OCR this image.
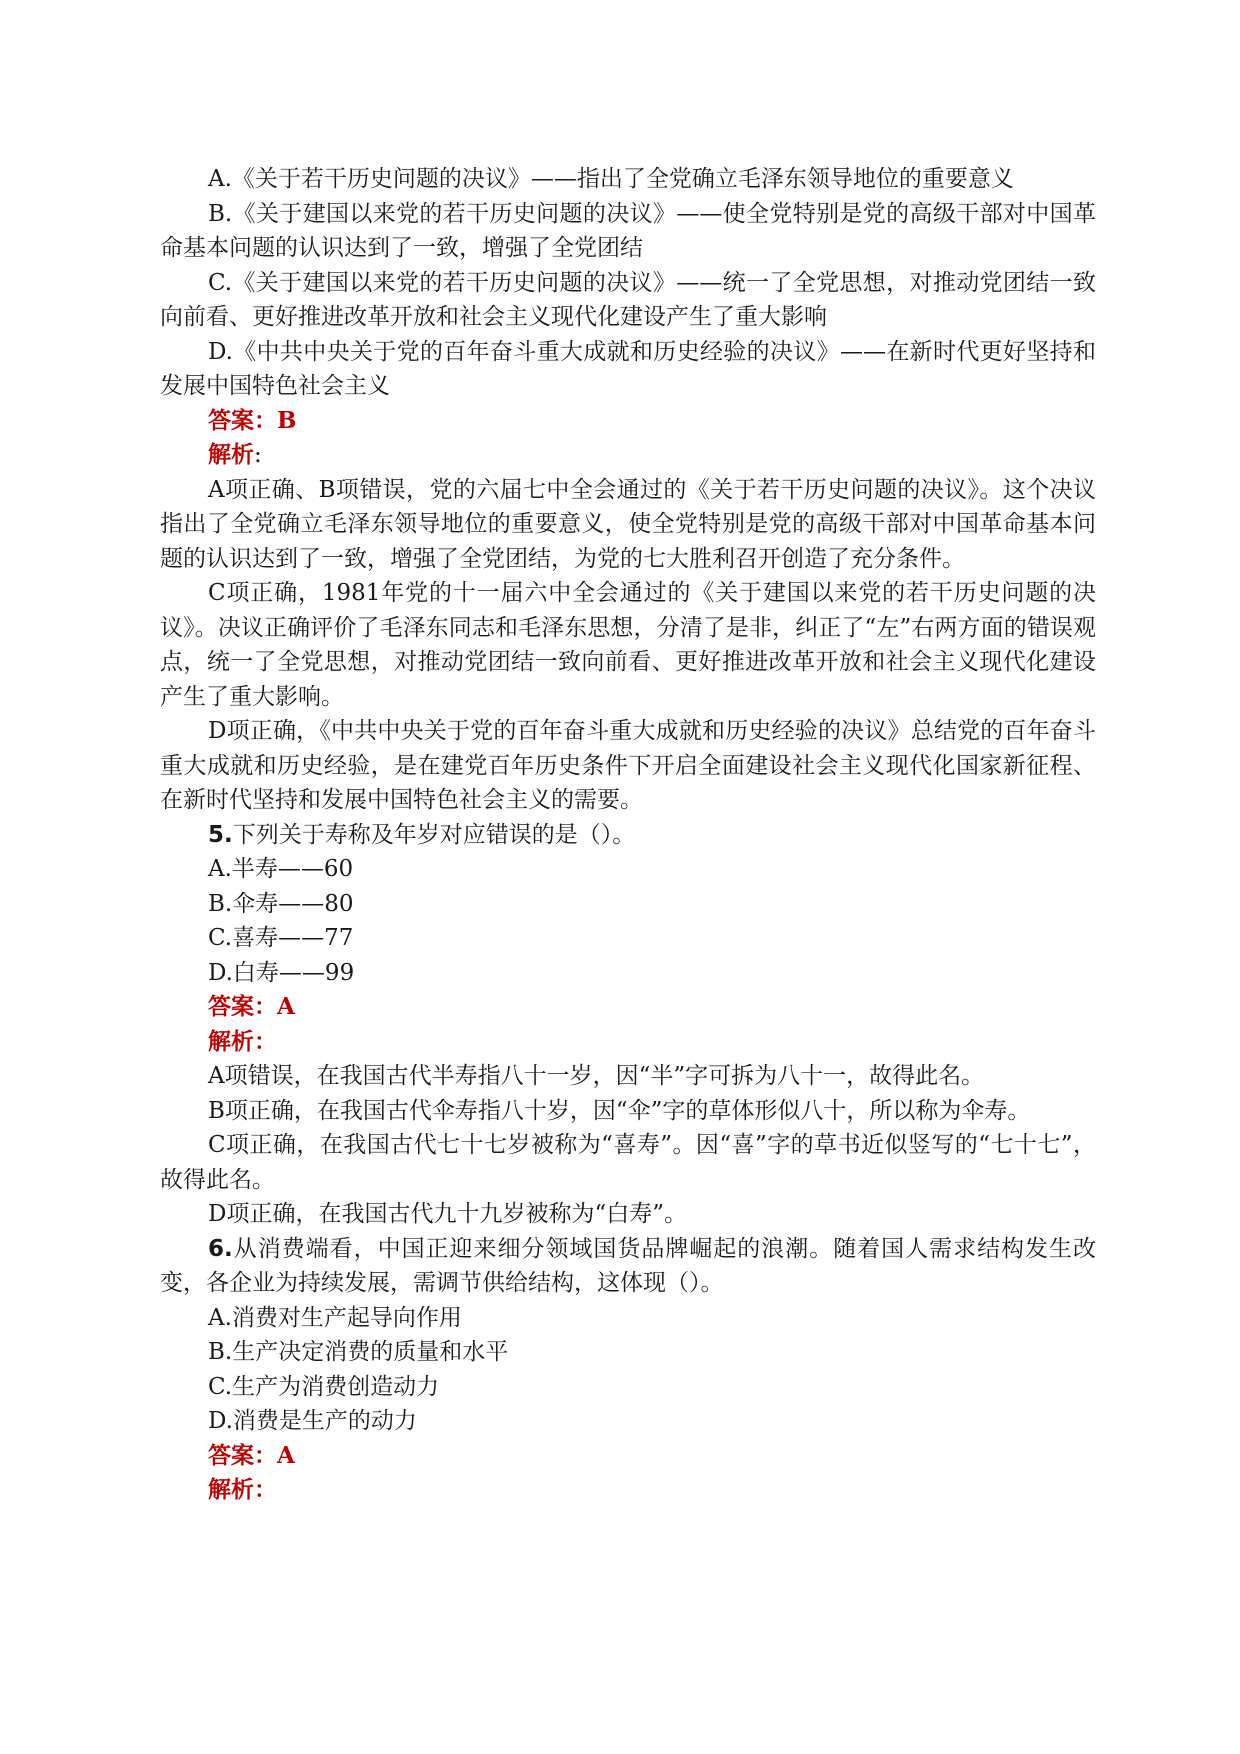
A.《关于若干历史问题的决议》——指出了全党确立毛泽东领导地位的重要意义

B.《关于建国以来党的若干历史问题的决议》——使全党特别是党的高级干部对中国革命基本问题的认识达到了一致，增强了全党团结

C.《关于建国以来党的若干历史问题的决议》——统一了全党思想，对推动党团结一致向前看、更好推进改革开放和社会主义现代化建设产生了重大影响

D.《中共中央关于党的百年奋斗重大成就和历史经验的决议》——在新时代更好坚持和发展中国特色社会主义

答案：B

解析:

A项正确、B项错误，党的六届七中全会通过的《关于若干历史问题的决议》。这个决议指出了全党确立毛泽东领导地位的重要意义，使全党特别是党的高级干部对中国革命基本问题的认识达到了一致，增强了全党团结，为党的七大胜利召开创造了充分条件。

C项正确，1981年党的十一届六中全会通过的《关于建国以来党的若干历史问题的决议》。决议正确评价了毛泽东同志和毛泽东思想，分清了是非，纠正了“左”右两方面的错误观点，统一了全党思想，对推动党团结一致向前看、更好推进改革开放和社会主义现代化建设产生了重大影响。

D项正确，《中共中央关于党的百年奋斗重大成就和历史经验的决议》总结党的百年奋斗重大成就和历史经验，是在建党百年历史条件下开启全面建设社会主义现代化国家新征程、在新时代坚持和发展中国特色社会主义的需要。

5.下列关于寿称及年岁对应错误的是（）。

A.半寿——60

B.伞寿——80

C.喜寿——77

D.白寿——99

答案：A

解析：

A项错误，在我国古代半寿指八十一岁，因“半”字可拆为八十一，故得此名。

B项正确，在我国古代伞寿指八十岁，因“伞”字的草体形似八十，所以称为伞寿。

C项正确，在我国古代七十七岁被称为“喜寿”。因“喜”字的草书近似竖写的“七十七”，故得此名。

D项正确，在我国古代九十九岁被称为“白寿”。

6.从消费端看，中国正迎来细分领域国货品牌崛起的浪潮。随着国人需求结构发生改变，各企业为持续发展，需调节供给结构，这体现（）。

A.消费对生产起导向作用

B.生产决定消费的质量和水平

C.生产为消费创造动力

D.消费是生产的动力

答案：A

解析：
